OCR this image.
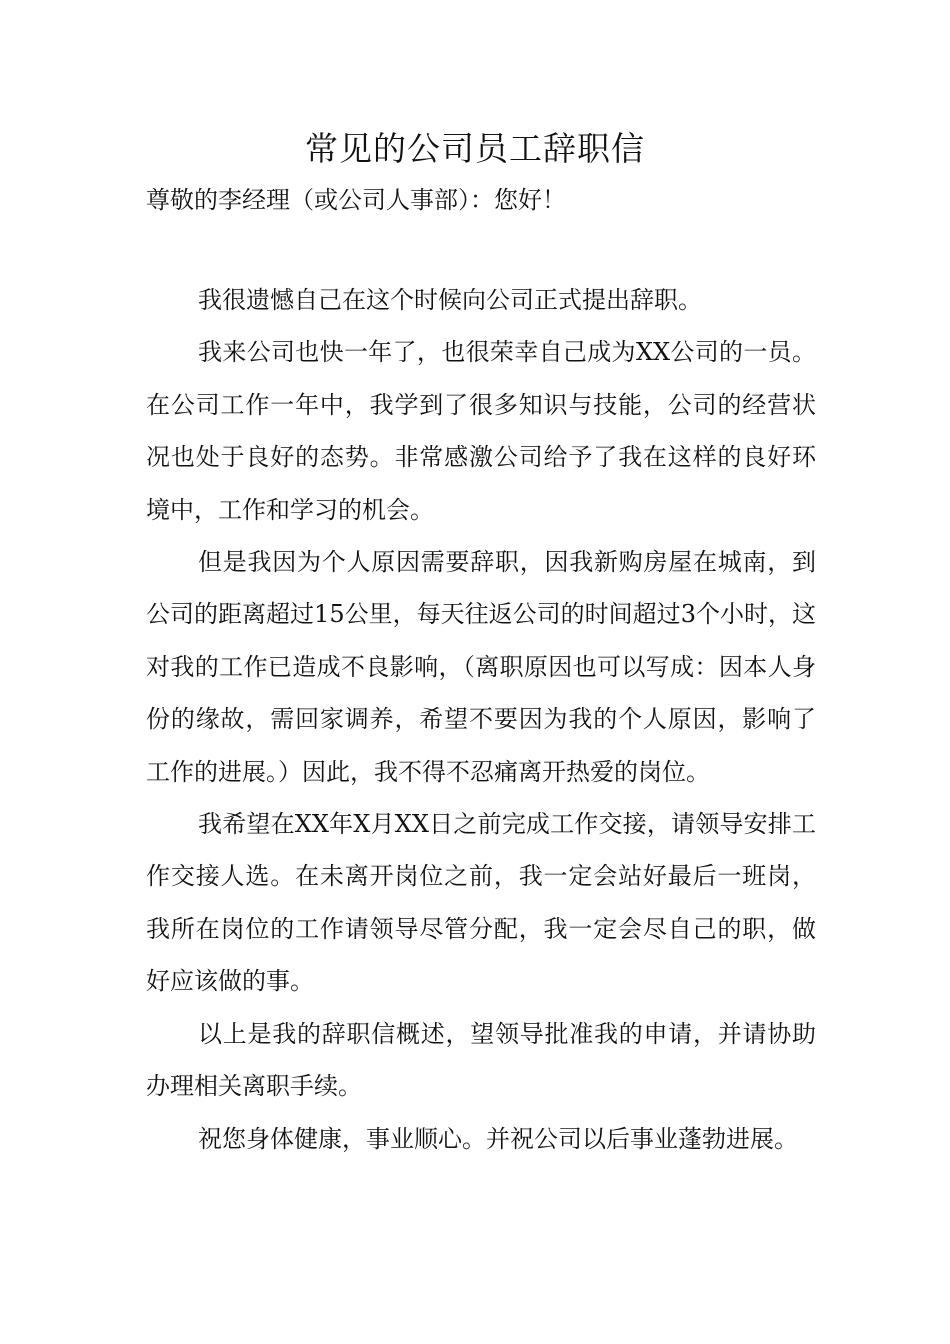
常见的公司员工辞职信
尊敬的李经理（或公司人事部）：您好！

我很遗憾自己在这个时候向公司正式提出辞职。

我来公司也快一年了，也很荣幸自己成为XX公司的一员。在公司工作一年中，我学到了很多知识与技能，公司的经营状况也处于良好的态势。非常感激公司给予了我在这样的良好环境中，工作和学习的机会。

但是我因为个人原因需要辞职，因我新购房屋在城南，到公司的距离超过15公里，每天往返公司的时间超过3个小时，这对我的工作已造成不良影响，（离职原因也可以写成：因本人身份的缘故，需回家调养，希望不要因为我的个人原因，影响了工作的进展。）因此，我不得不忍痛离开热爱的岗位。

我希望在XX年X月XX日之前完成工作交接，请领导安排工作交接人选。在未离开岗位之前，我一定会站好最后一班岗，我所在岗位的工作请领导尽管分配，我一定会尽自己的职，做好应该做的事。

以上是我的辞职信概述，望领导批准我的申请，并请协助办理相关离职手续。

祝您身体健康，事业顺心。并祝公司以后事业蓬勃进展。
